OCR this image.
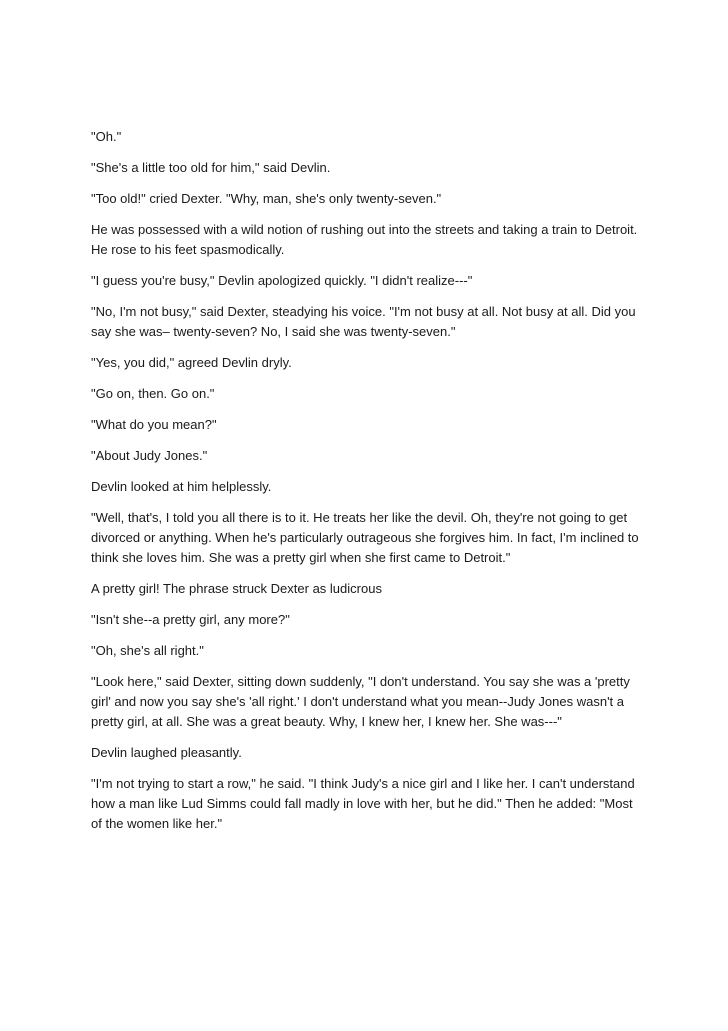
"Oh."

"She's a little too old for him," said Devlin.

"Too old!" cried Dexter. "Why, man, she's only twenty-seven."

He was possessed with a wild notion of rushing out into the streets and taking a train to Detroit. He rose to his feet spasmodically.

"I guess you're busy," Devlin apologized quickly. "I didn't realize---"

"No, I'm not busy," said Dexter, steadying his voice. "I'm not busy at all. Not busy at all. Did you say she was– twenty-seven? No, I said she was twenty-seven."

"Yes, you did," agreed Devlin dryly.

"Go on, then. Go on."

"What do you mean?"

"About Judy Jones."

Devlin looked at him helplessly.

"Well, that's, I told you all there is to it. He treats her like the devil. Oh, they're not going to get divorced or anything. When he's particularly outrageous she forgives him. In fact, I'm inclined to think she loves him. She was a pretty girl when she first came to Detroit."

A pretty girl! The phrase struck Dexter as ludicrous

"Isn't she--a pretty girl, any more?"

"Oh, she's all right."

"Look here," said Dexter, sitting down suddenly, "I don't understand. You say she was a 'pretty girl' and now you say she's 'all right.' I don't understand what you mean--Judy Jones wasn't a pretty girl, at all. She was a great beauty. Why, I knew her, I knew her. She was---"

Devlin laughed pleasantly.

"I'm not trying to start a row," he said. "I think Judy's a nice girl and I like her. I can't understand how a man like Lud Simms could fall madly in love with her, but he did." Then he added: "Most of the women like her."
